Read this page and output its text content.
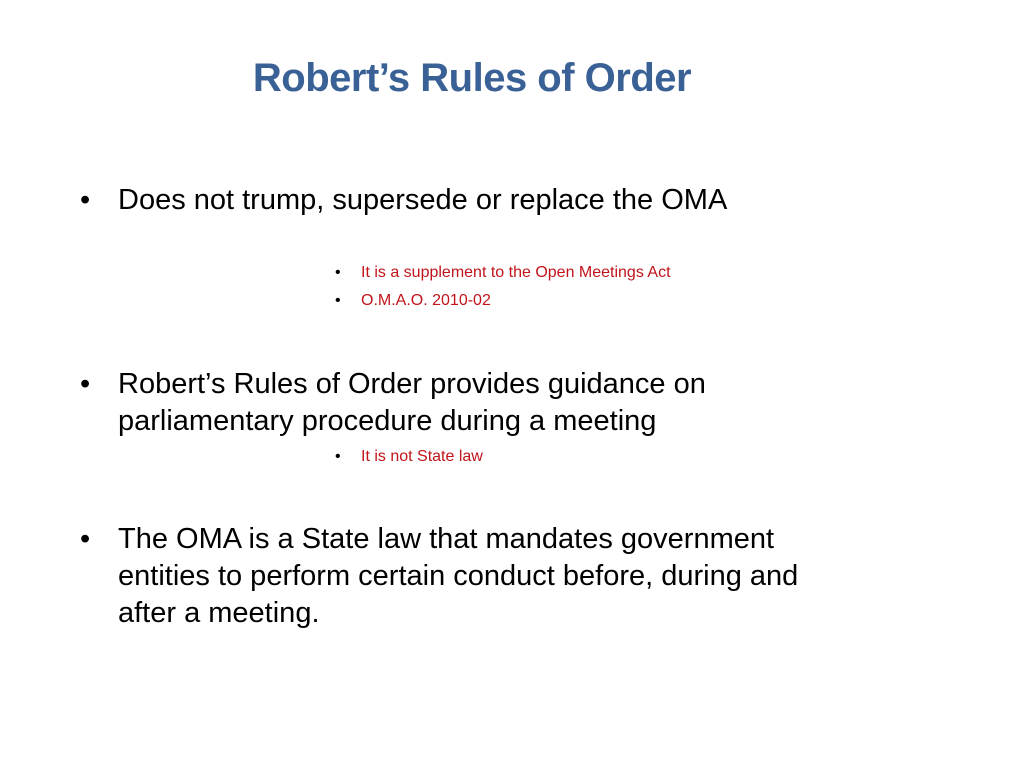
Robert’s Rules of Order
• Does not trump, supersede or replace the OMA
• Robert’s Rules of Order provides guidance on parliamentary procedure during a meeting
• The OMA is a State law that mandates government entities to perform certain conduct before, during and after a meeting.
• It is a supplement to the Open Meetings Act
• O.M.A.O. 2010-02
• It is not State law
